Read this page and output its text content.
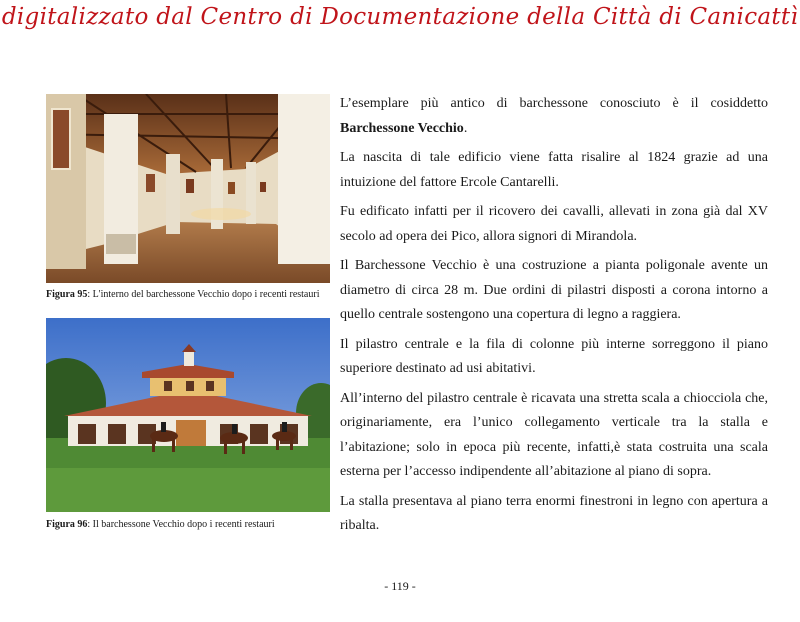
digitalizzato dal Centro di Documentazione della Città di Canicattì
Figura 95: L'interno del barchessone Vecchio dopo i recenti restauri
Figura 96: Il barchessone Vecchio dopo i recenti restauri

L’esemplare più antico di barchessone conosciuto è il cosiddetto Barchessone Vecchio.

La nascita di tale edificio viene fatta risalire al 1824 grazie ad una intuizione del fattore Ercole Cantarelli.

Fu edificato infatti per il ricovero dei cavalli, allevati in zona già dal XV secolo ad opera dei Pico, allora signori di Mirandola.

Il Barchessone Vecchio è una costruzione a pianta poligonale avente un diametro di circa 28 m. Due ordini di pilastri disposti a corona intorno a quello centrale sostengono una copertura di legno a raggiera.

Il pilastro centrale e la fila di colonne più interne sorreggono il piano superiore destinato ad usi abitativi.

All’interno del pilastro centrale è ricavata una stretta scala a chiocciola che, originariamente, era l’unico collegamento verticale tra la stalla e l’abitazione; solo in epoca più recente, infatti,è stata costruita una scala esterna per l’accesso indipendente all’abitazione al piano di sopra.

La stalla presentava al piano terra enormi finestroni in legno con apertura a ribalta.

- 119 -
